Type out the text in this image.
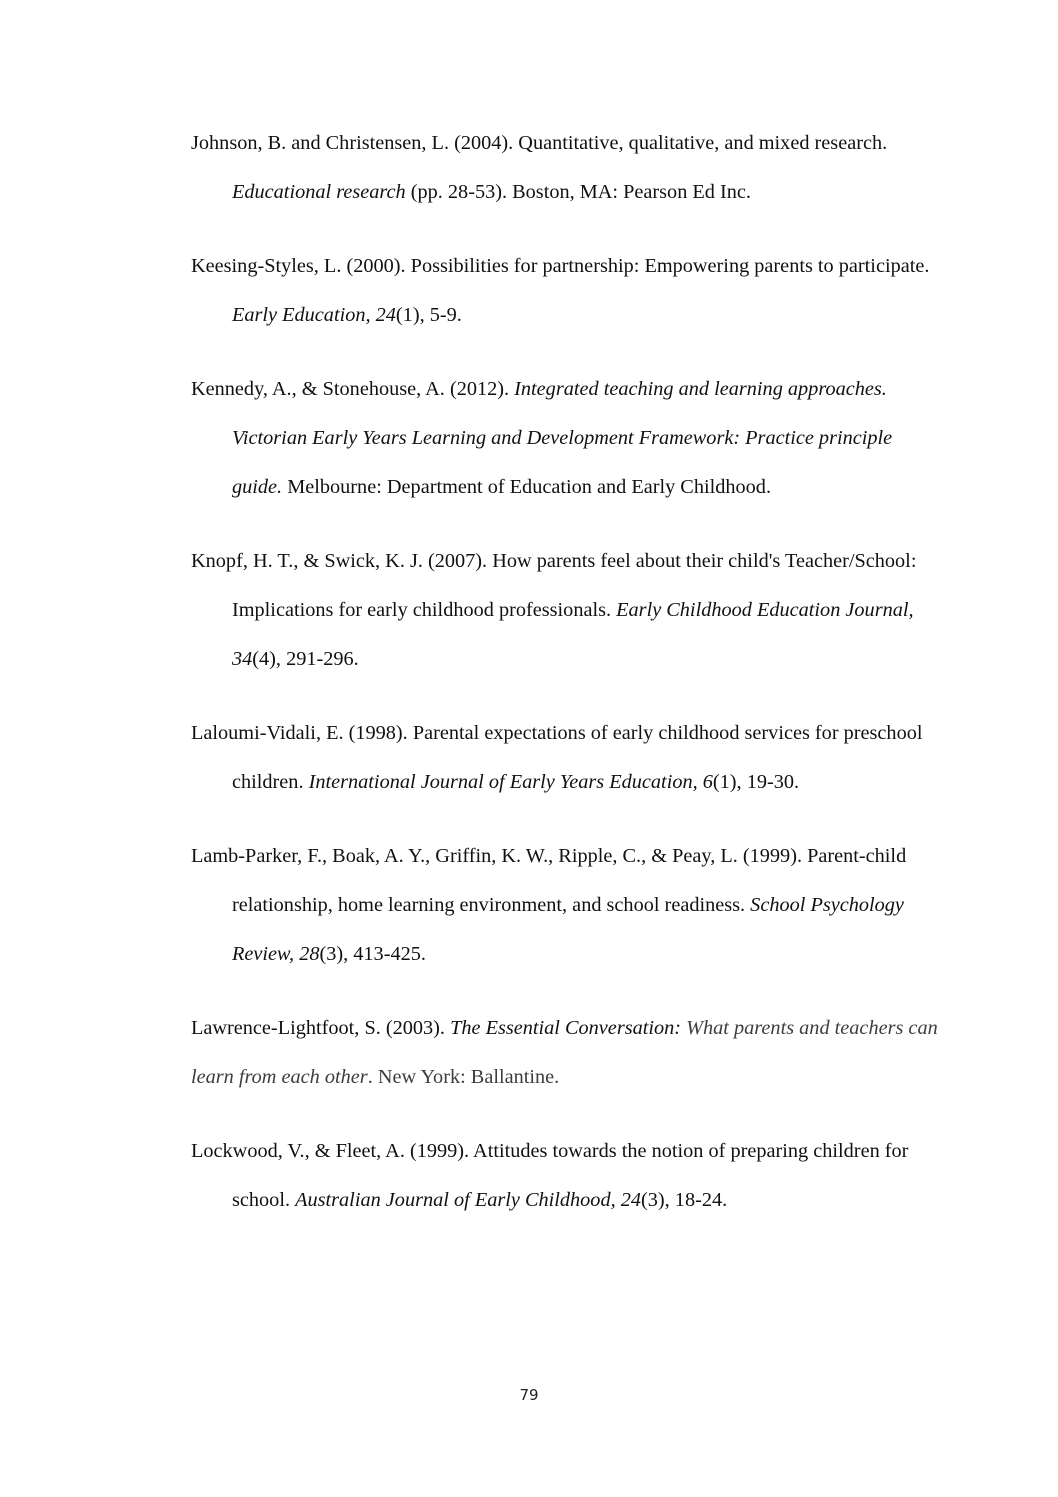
Johnson, B. and Christensen, L. (2004). Quantitative, qualitative, and mixed research. Educational research (pp. 28-53). Boston, MA: Pearson Ed Inc.

Keesing-Styles, L. (2000). Possibilities for partnership: Empowering parents to participate. Early Education, 24(1), 5-9.

Kennedy, A., & Stonehouse, A. (2012). Integrated teaching and learning approaches. Victorian Early Years Learning and Development Framework: Practice principle guide. Melbourne: Department of Education and Early Childhood.

Knopf, H. T., & Swick, K. J. (2007). How parents feel about their child's Teacher/School: Implications for early childhood professionals. Early Childhood Education Journal, 34(4), 291-296.

Laloumi-Vidali, E. (1998). Parental expectations of early childhood services for preschool children. International Journal of Early Years Education, 6(1), 19-30.

Lamb-Parker, F., Boak, A. Y., Griffin, K. W., Ripple, C., & Peay, L. (1999). Parent-child relationship, home learning environment, and school readiness. School Psychology Review, 28(3), 413-425.

Lawrence-Lightfoot, S. (2003). The Essential Conversation: What parents and teachers can learn from each other. New York: Ballantine.

Lockwood, V., & Fleet, A. (1999). Attitudes towards the notion of preparing children for school. Australian Journal of Early Childhood, 24(3), 18-24.

79
